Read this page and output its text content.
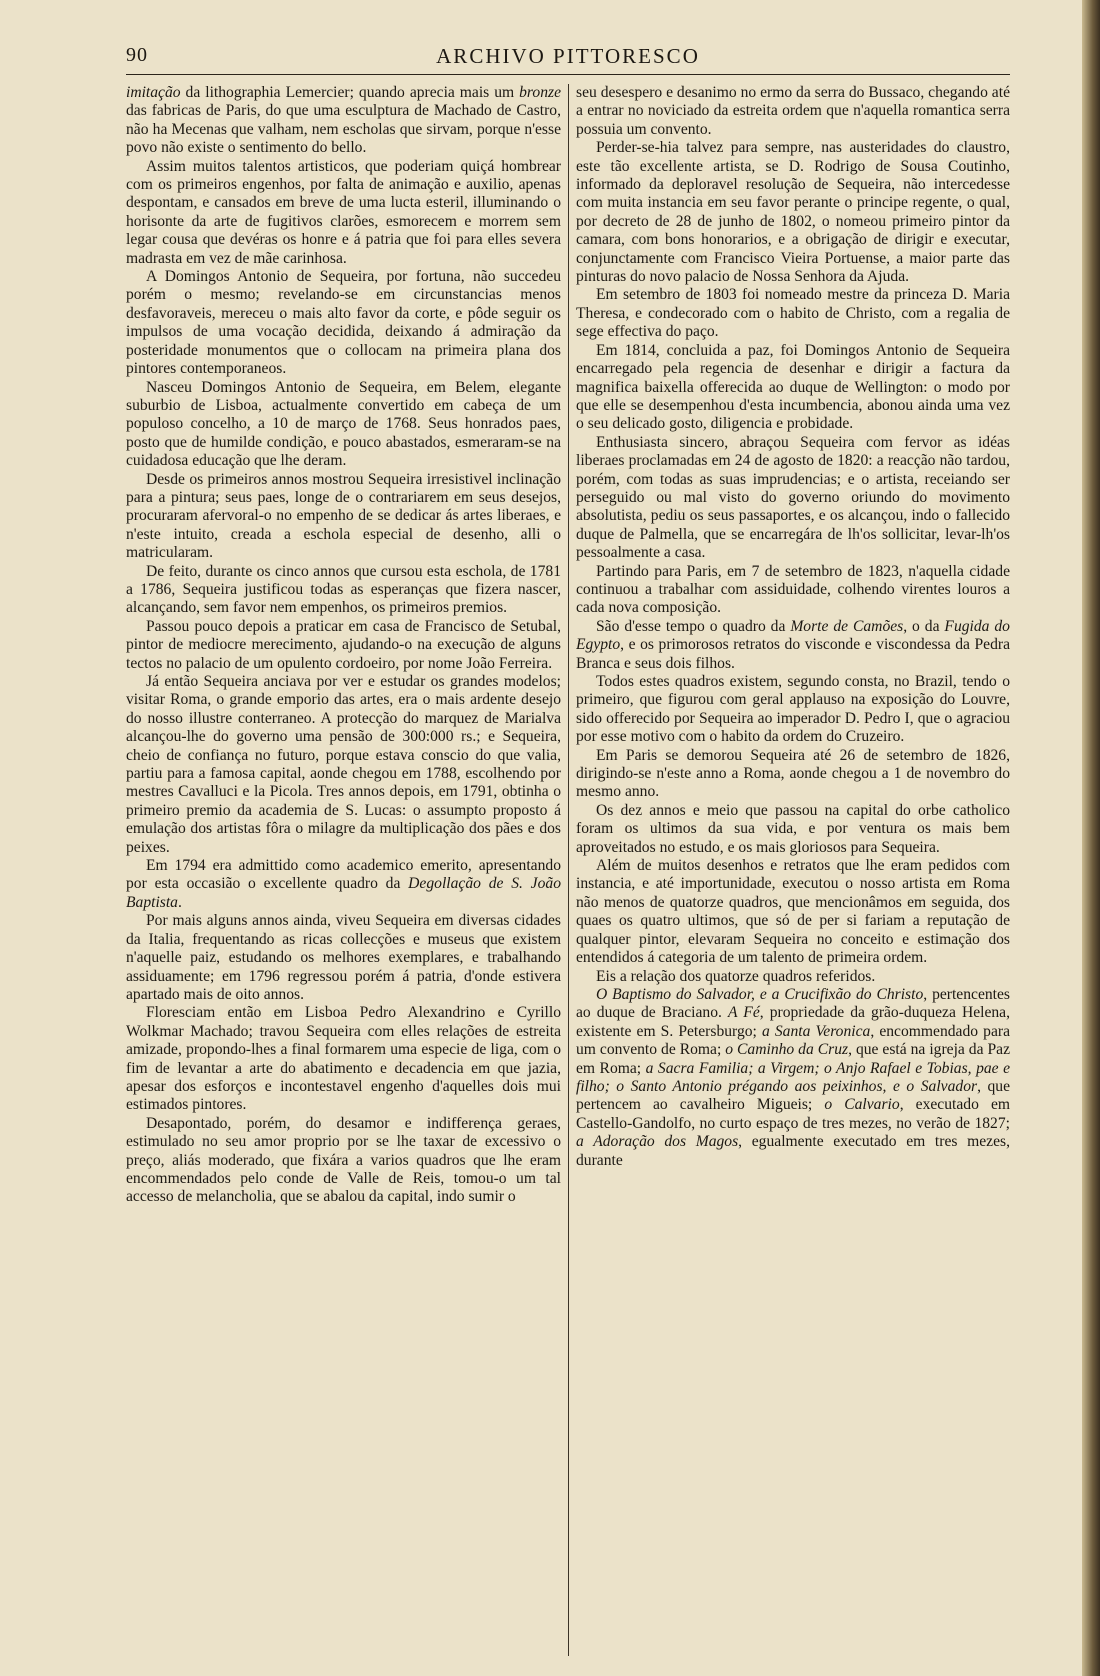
90	ARCHIVO PITTORESCO

imitação da lithographia Lemercier; quando aprecia mais um bronze das fabricas de Paris, do que uma esculptura de Machado de Castro, não ha Mecenas que valham, nem escholas que sirvam, porque n'esse povo não existe o sentimento do bello.

Assim muitos talentos artisticos, que poderiam quiçá hombrear com os primeiros engenhos, por falta de animação e auxilio, apenas despontam, e cansados em breve de uma lucta esteril, illuminando o horisonte da arte de fugitivos clarões, esmorecem e morrem sem legar cousa que devéras os honre e á patria que foi para elles severa madrasta em vez de mãe carinhosa.

A Domingos Antonio de Sequeira, por fortuna, não succedeu porém o mesmo; revelando-se em circunstancias menos desfavoraveis, mereceu o mais alto favor da corte, e pôde seguir os impulsos de uma vocação decidida, deixando á admiração da posteridade monumentos que o collocam na primeira plana dos pintores contemporaneos.

Nasceu Domingos Antonio de Sequeira, em Belem, elegante suburbio de Lisboa, actualmente convertido em cabeça de um populoso concelho, a 10 de março de 1768. Seus honrados paes, posto que de humilde condição, e pouco abastados, esmeraram-se na cuidadosa educação que lhe deram.

Desde os primeiros annos mostrou Sequeira irresistivel inclinação para a pintura; seus paes, longe de o contrariarem em seus desejos, procuraram afervoral-o no empenho de se dedicar ás artes liberaes, e n'este intuito, creada a eschola especial de desenho, alli o matricularam.

De feito, durante os cinco annos que cursou esta eschola, de 1781 a 1786, Sequeira justificou todas as esperanças que fizera nascer, alcançando, sem favor nem empenhos, os primeiros premios.

Passou pouco depois a praticar em casa de Francisco de Setubal, pintor de mediocre merecimento, ajudando-o na execução de alguns tectos no palacio de um opulento cordoeiro, por nome João Ferreira.

Já então Sequeira anciava por ver e estudar os grandes modelos; visitar Roma, o grande emporio das artes, era o mais ardente desejo do nosso illustre conterraneo. A protecção do marquez de Marialva alcançou-lhe do governo uma pensão de 300:000 rs.; e Sequeira, cheio de confiança no futuro, porque estava conscio do que valia, partiu para a famosa capital, aonde chegou em 1788, escolhendo por mestres Cavalluci e la Picola. Tres annos depois, em 1791, obtinha o primeiro premio da academia de S. Lucas: o assumpto proposto á emulação dos artistas fôra o milagre da multiplicação dos pães e dos peixes.

Em 1794 era admittido como academico emerito, apresentando por esta occasião o excellente quadro da Degollação de S. João Baptista.

Por mais alguns annos ainda, viveu Sequeira em diversas cidades da Italia, frequentando as ricas collecções e museus que existem n'aquelle paiz, estudando os melhores exemplares, e trabalhando assiduamente; em 1796 regressou porém á patria, d'onde estivera apartado mais de oito annos.

Floresciam então em Lisboa Pedro Alexandrino e Cyrillo Wolkmar Machado; travou Sequeira com elles relações de estreita amizade, propondo-lhes a final formarem uma especie de liga, com o fim de levantar a arte do abatimento e decadencia em que jazia, apesar dos esforços e incontestavel engenho d'aquelles dois mui estimados pintores.

Desapontado, porém, do desamor e indifferença geraes, estimulado no seu amor proprio por se lhe taxar de excessivo o preço, aliás moderado, que fixára a varios quadros que lhe eram encommendados pelo conde de Valle de Reis, tomou-o um tal accesso de melancholia, que se abalou da capital, indo sumir o

seu desespero e desanimo no ermo da serra do Bussaco, chegando até a entrar no noviciado da estreita ordem que n'aquella romantica serra possuia um convento.

Perder-se-hia talvez para sempre, nas austeridades do claustro, este tão excellente artista, se D. Rodrigo de Sousa Coutinho, informado da deploravel resolução de Sequeira, não intercedesse com muita instancia em seu favor perante o principe regente, o qual, por decreto de 28 de junho de 1802, o nomeou primeiro pintor da camara, com bons honorarios, e a obrigação de dirigir e executar, conjunctamente com Francisco Vieira Portuense, a maior parte das pinturas do novo palacio de Nossa Senhora da Ajuda.

Em setembro de 1803 foi nomeado mestre da princeza D. Maria Theresa, e condecorado com o habito de Christo, com a regalia de sege effectiva do paço.

Em 1814, concluida a paz, foi Domingos Antonio de Sequeira encarregado pela regencia de desenhar e dirigir a factura da magnifica baixella offerecida ao duque de Wellington: o modo por que elle se desempenhou d'esta incumbencia, abonou ainda uma vez o seu delicado gosto, diligencia e probidade.

Enthusiasta sincero, abraçou Sequeira com fervor as idéas liberaes proclamadas em 24 de agosto de 1820: a reacção não tardou, porém, com todas as suas imprudencias; e o artista, receiando ser perseguido ou mal visto do governo oriundo do movimento absolutista, pediu os seus passaportes, e os alcançou, indo o fallecido duque de Palmella, que se encarregára de lh'os sollicitar, levar-lh'os pessoalmente a casa.

Partindo para Paris, em 7 de setembro de 1823, n'aquella cidade continuou a trabalhar com assiduidade, colhendo virentes louros a cada nova composição.

São d'esse tempo o quadro da Morte de Camões, o da Fugida do Egypto, e os primorosos retratos do visconde e viscondessa da Pedra Branca e seus dois filhos.

Todos estes quadros existem, segundo consta, no Brazil, tendo o primeiro, que figurou com geral applauso na exposição do Louvre, sido offerecido por Sequeira ao imperador D. Pedro I, que o agraciou por esse motivo com o habito da ordem do Cruzeiro.

Em Paris se demorou Sequeira até 26 de setembro de 1826, dirigindo-se n'este anno a Roma, aonde chegou a 1 de novembro do mesmo anno.

Os dez annos e meio que passou na capital do orbe catholico foram os ultimos da sua vida, e por ventura os mais bem aproveitados no estudo, e os mais gloriosos para Sequeira.

Além de muitos desenhos e retratos que lhe eram pedidos com instancia, e até importunidade, executou o nosso artista em Roma não menos de quatorze quadros, que mencionâmos em seguida, dos quaes os quatro ultimos, que só de per si fariam a reputação de qualquer pintor, elevaram Sequeira no conceito e estimação dos entendidos á categoria de um talento de primeira ordem.

Eis a relação dos quatorze quadros referidos.

O Baptismo do Salvador, e a Crucifixão do Christo, pertencentes ao duque de Braciano. A Fé, propriedade da grão-duqueza Helena, existente em S. Petersburgo; a Santa Veronica, encommendado para um convento de Roma; o Caminho da Cruz, que está na igreja da Paz em Roma; a Sacra Familia; a Virgem; o Anjo Rafael e Tobias, pae e filho; o Santo Antonio prégando aos peixinhos, e o Salvador, que pertencem ao cavalheiro Migueis; o Calvario, executado em Castello-Gandolfo, no curto espaço de tres mezes, no verão de 1827; a Adoração dos Magos, egualmente executado em tres mezes, durante
